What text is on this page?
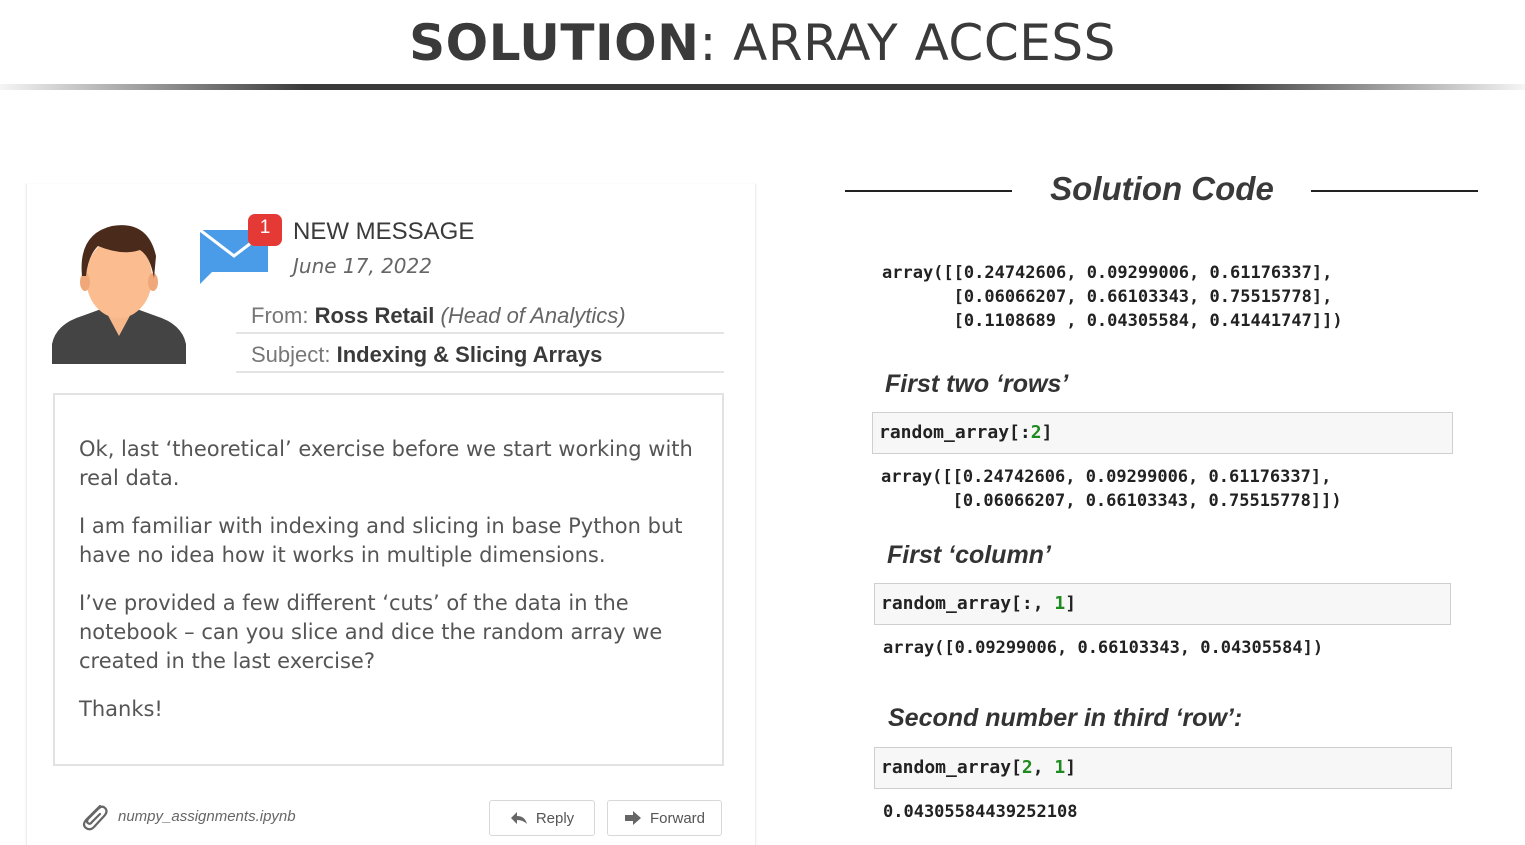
SOLUTION: ARRAY ACCESS
1 NEW MESSAGE
June 17, 2022
From: Ross Retail (Head of Analytics)
Subject: Indexing & Slicing Arrays

Ok, last ‘theoretical’ exercise before we start working with real data.

I am familiar with indexing and slicing in base Python but have no idea how it works in multiple dimensions.

I’ve provided a few different ‘cuts’ of the data in the notebook – can you slice and dice the random array we created in the last exercise?

Thanks!

numpy_assignments.ipynb	Reply	Forward
Solution Code
array([[0.24742606, 0.09299006, 0.61176337],
[0.06066207, 0.66103343, 0.75515778],
[0.1108689 , 0.04305584, 0.41441747]])
First two ‘rows’
random_array[:2]
array([[0.24742606, 0.09299006, 0.61176337],
[0.06066207, 0.66103343, 0.75515778]])
First ‘column’
random_array[:, 1]
array([0.09299006, 0.66103343, 0.04305584])
Second number in third ‘row’:
random_array[2, 1]
0.04305584439252108
